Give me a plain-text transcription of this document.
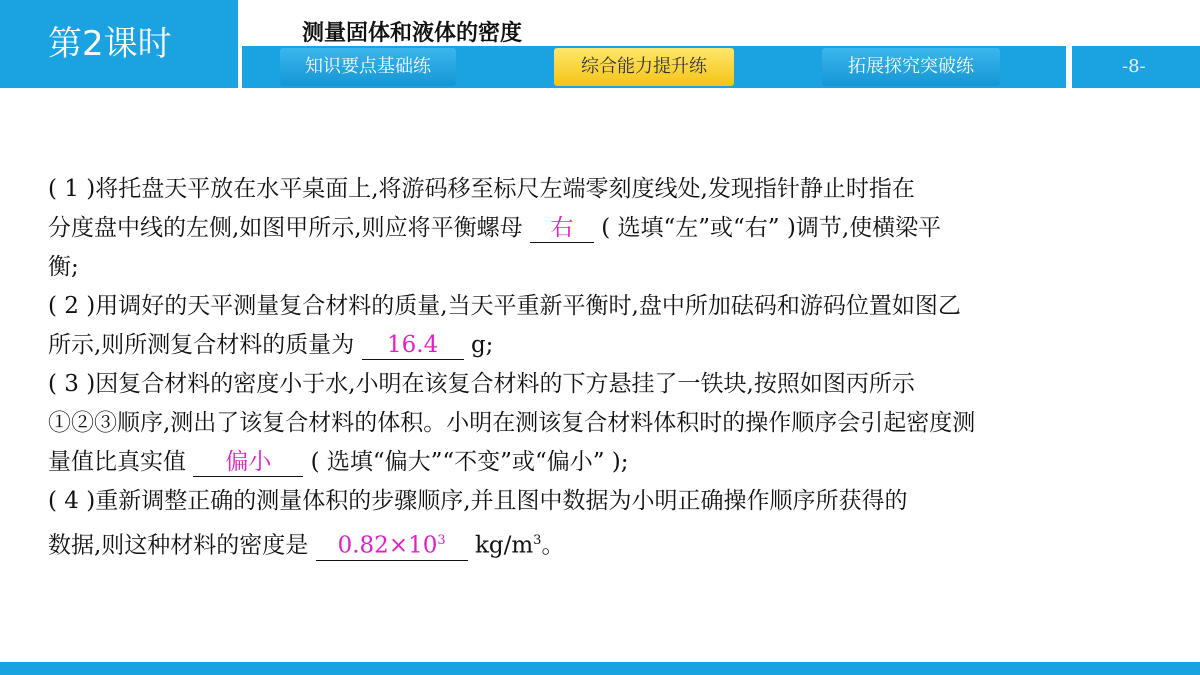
第2课时	测量固体和液体的密度
知识要点基础练	综合能力提升练	拓展探究突破练	-8-
( 1 )将托盘天平放在水平桌面上,将游码移至标尺左端零刻度线处,发现指针静止时指在
分度盘中线的左侧,如图甲所示,则应将平衡螺母 右 ( 选填“左”或“右” )调节,使横梁平
衡;
( 2 )用调好的天平测量复合材料的质量,当天平重新平衡时,盘中所加砝码和游码位置如图乙
所示,则所测复合材料的质量为 16.4 g;
( 3 )因复合材料的密度小于水,小明在该复合材料的下方悬挂了一铁块,按照如图丙所示
①②③顺序,测出了该复合材料的体积。小明在测该复合材料体积时的操作顺序会引起密度测
量值比真实值 偏小 ( 选填“偏大”“不变”或“偏小” );
( 4 )重新调整正确的测量体积的步骤顺序,并且图中数据为小明正确操作顺序所获得的
数据,则这种材料的密度是 $0.82\times 10^3$ $kg/m^3$。
